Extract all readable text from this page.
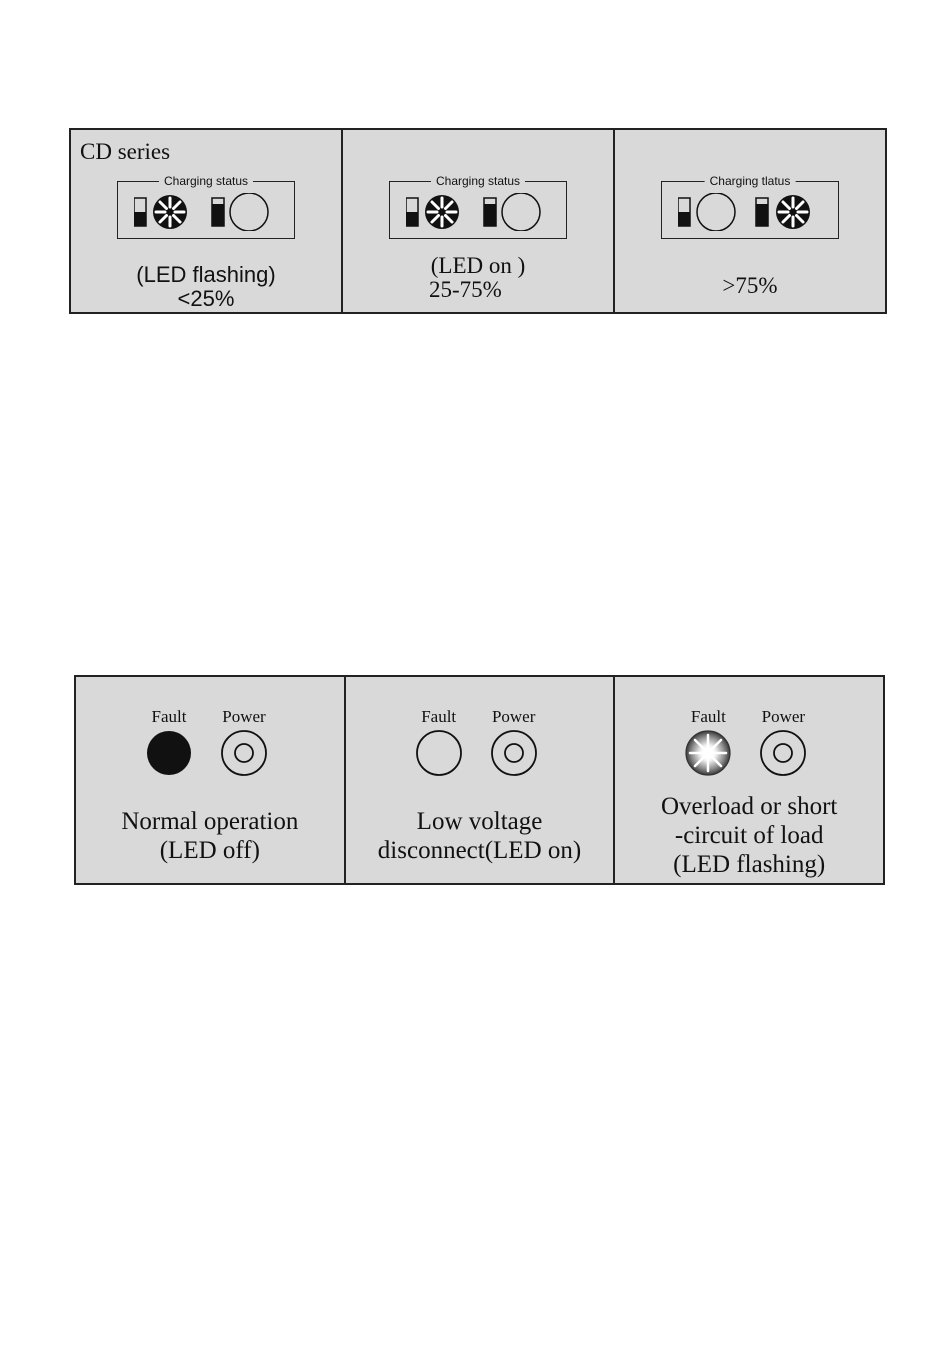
CD series
Charging status
(LED flashing)
<25%
Charging status
(LED on )
25-75%
Charging tlatus
>75%
Fault Power
Normal operation
(LED off)
Fault Power
Low voltage
disconnect(LED on)
Fault Power
Overload or short
-circuit of load
(LED flashing)
